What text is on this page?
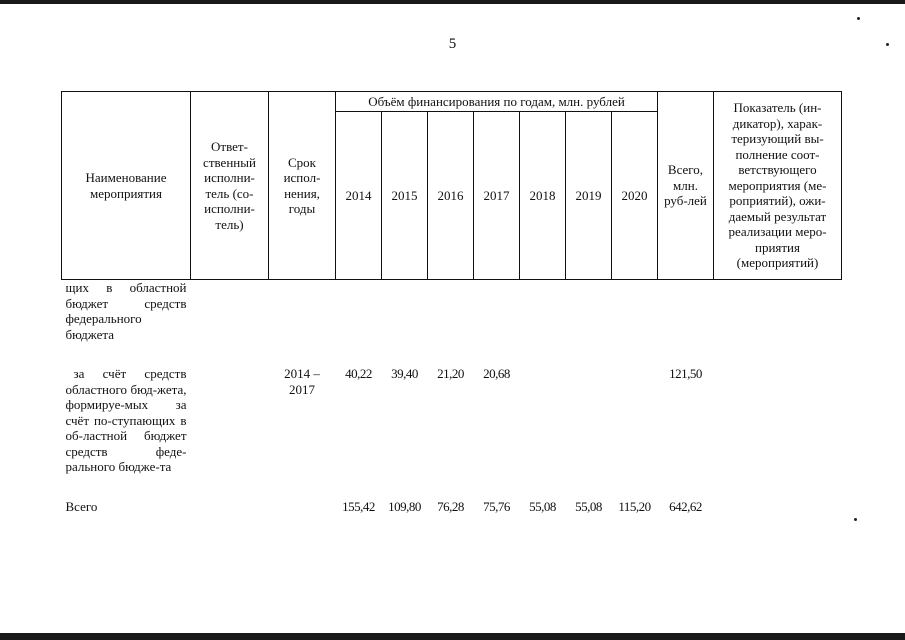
5
Наименование мероприятия	Ответ-ственный исполни-тель (со-исполни-тель)	Срок испол-нения, годы	Объём финансирования по годам, млн. рублей							Всего, млн. руб-лей	Показатель (ин-дикатор), харак-теризующий вы-полнение соот-ветствующего мероприятия (ме-роприятий), ожи-даемый результат реализации меро-приятия (мероприятий)
			2014	2015	2016	2017	2018	2019	2020		
щих в областной бюджет средств федерального бюджета											

за счёт средств областного бюд-жета, формируе-мых за счёт по-ступающих в об-ластной бюджет средств феде-рального бюдже-та		2014 – 2017	40,22	39,40	21,20	20,68				121,50	

Всего			155,42	109,80	76,28	75,76	55,08	55,08	115,20	642,62	
